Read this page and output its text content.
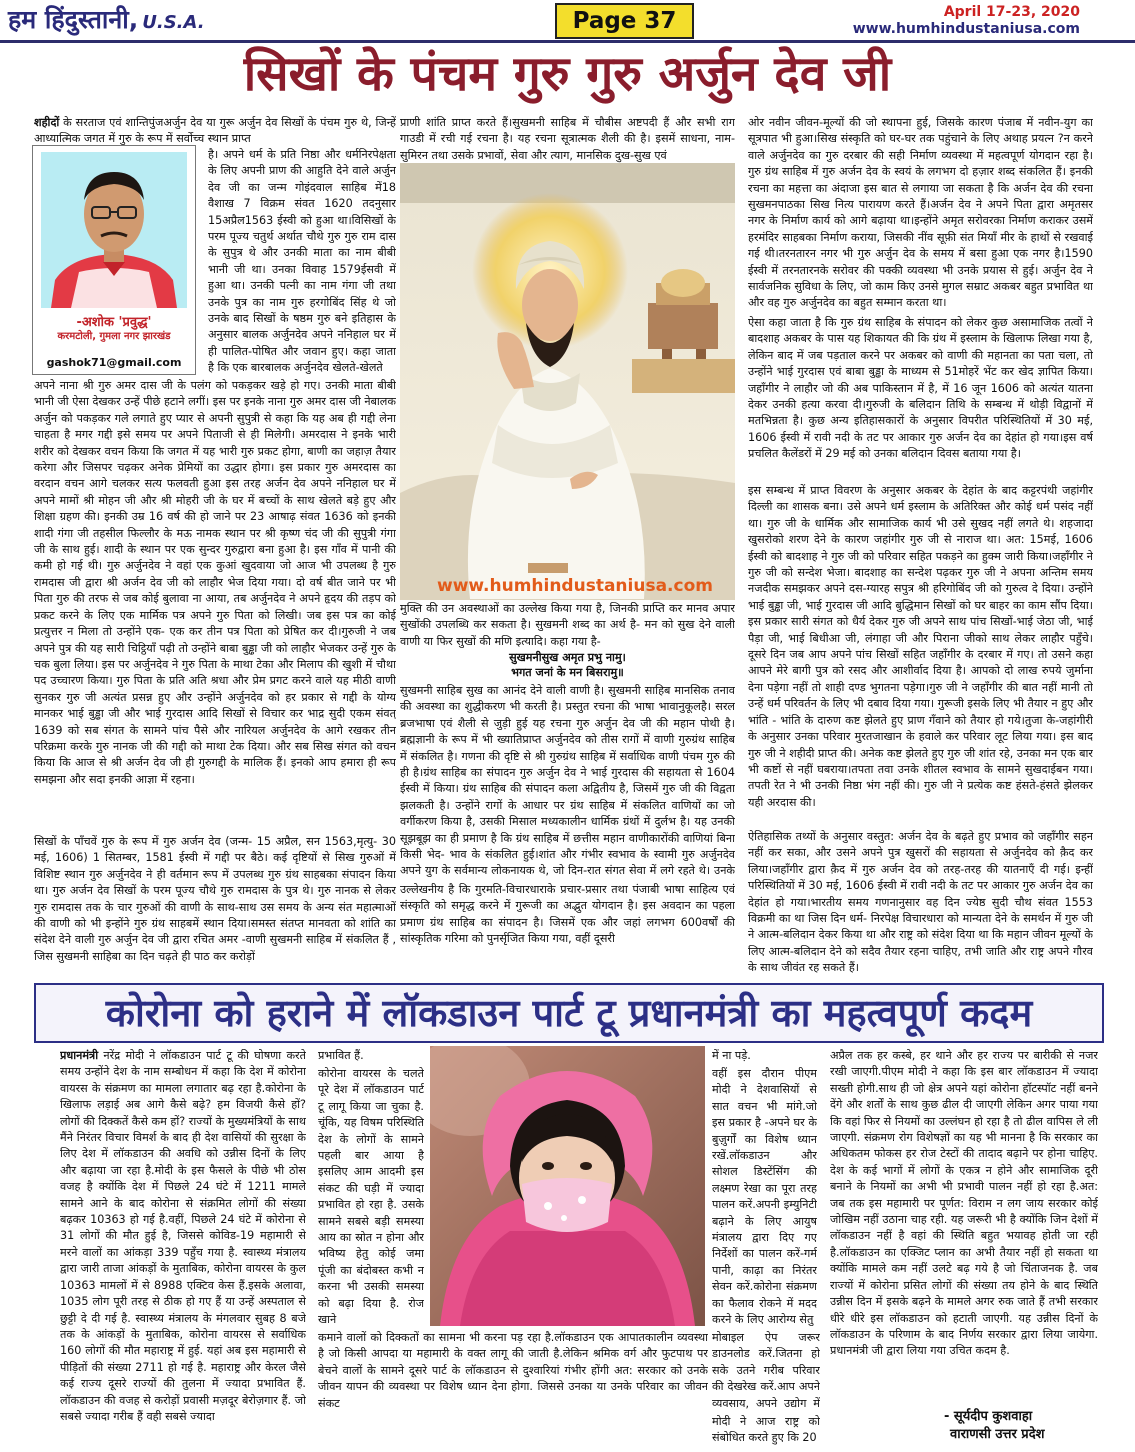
हम हिंदुस्तानी, U.S.A.	Page 37	April 17-23, 2020
www.humhindustaniusa.com
सिखों के पंचम गुरु गुरु अर्जुन देव जी
शहीदों के सरताज एवं शान्तिपुंजअर्जुन देव या गुरू अर्जुन देव सिखों के पंचम गुरु थे, जिन्हें आध्यात्मिक जगत में गुरु के रूप में सर्वोच्च स्थान प्राप्त
-अशोक 'प्रवुद्ध'
करमटोली, गुमला नगर झारखंड
gashok71@gmail.com
है। अपने धर्म के प्रति निष्ठा और धर्मनिरपेक्षता के लिए अपनी प्राण की आहुति देने वाले अर्जुन देव जी का जन्म गोइंदवाल साहिब में18 वैशाख 7 विक्रम संवत 1620 तदनुसार 15अप्रैल1563 ईस्वी को हुआ था।विसिखों के परम पूज्य चतुर्थ अर्थात चौथे गुरु गुरु राम दास के सुपुत्र थे और उनकी माता का नाम बीबी भानी जी था। उनका विवाह 1579ईसवी में हुआ था। उनकी पत्नी का नाम गंगा जी तथा उनके पुत्र का नाम गुरु हरगोबिंद सिंह थे जो उनके बाद सिखों के षष्ठम गुरु बने इतिहास के अनुसार बालक अर्जुनदेव अपने ननिहाल घर में ही पालित-पोषित और जवान हुए। कहा जाता है कि एक बारबालक अर्जुनदेव खेलते-खेलते
अपने नाना श्री गुरु अमर दास जी के पलंग को पकड़कर खड़े हो गए। उनकी माता बीबी भानी जी ऐसा देखकर उन्हें पीछे हटाने लगीं। इस पर इनके नाना गुरु अमर दास जी नेबालक अर्जुन को पकड़कर गले लगाते हुए प्यार से अपनी सुपुत्री से कहा कि यह अब ही गद्दी लेना चाहता है मगर गद्दी इसे समय पर अपने पिताजी से ही मिलेगी। अमरदास ने इनके भारी शरीर को देखकर वचन किया कि जगत में यह भारी गुरु प्रकट होगा, बाणी का जहाज़ तैयार करेगा और जिसपर चढ़कर अनेक प्रेमियों का उद्धार होगा। इस प्रकार गुरु अमरदास का वरदान वचन आगे चलकर सत्य फलवती हुआ इस तरह अर्जन देव अपने ननिहाल घर में अपने मामों श्री मोहन जी और श्री मोहरी जी के घर में बच्चों के साथ खेलते बड़े हुए और शिक्षा ग्रहण की। इनकी उम्र 16 वर्ष की हो जाने पर 23 आषाढ़ संवत 1636 को इनकी शादी गंगा जी तहसील फिल्लौर के मऊ नामक स्थान पर श्री कृष्ण चंद जी की सुपुत्री गंगा जी के साथ हुई। शादी के स्थान पर एक सुन्दर गुरुद्वारा बना हुआ है। इस गाँव में पानी की कमी हो गई थी। गुरु अर्जुनदेव ने वहां एक कुआं खुदवाया जो आज भी उपलब्ध है गुरु रामदास जी द्वारा श्री अर्जन देव जी को लाहौर भेज दिया गया। दो वर्ष बीत जाने पर भी पिता गुरु की तरफ से जब कोई बुलावा ना आया, तब अर्जुनदेव ने अपने हृदय की तड़प को प्रकट करने के लिए एक मार्मिक पत्र अपने गुरु पिता को लिखी। जब इस पत्र का कोई प्रत्युत्तर न मिला तो उन्होंने एक- एक कर तीन पत्र पिता को प्रेषित कर दी।गुरुजी ने जब अपने पुत्र की यह सारी चिट्ठियाँ पढ़ी तो उन्होंने बाबा बुड्ढा जी को लाहौर भेजकर उन्हें गुरु के चक बुला लिया। इस पर अर्जुनदेव ने गुरु पिता के माथा टेका और मिलाप की खुशी में चौथा पद उच्चारण किया। गुरु पिता के प्रति अति श्रधा और प्रेम प्रगट करने वाले यह मीठी वाणी सुनकर गुरु जी अत्यंत प्रसन्न हुए और उन्होंने अर्जुनदेव को हर प्रकार से गद्दी के योग्य मानकर भाई बुड्ढा जी और भाई गुरदास आदि सिखों से विचार कर भाद्र सुदी एकम संवत् 1639 को सब संगत के सामने पांच पैसे और नारियल अर्जुनदेव के आगे रखकर तीन परिक्रमा करके गुरु नानक जी की गद्दी को माथा टेक दिया। और सब सिख संगत को वचन किया कि आज से श्री अर्जन देव जी ही गुरुगद्दी के मालिक हैं। इनको आप हमारा ही रूप समझना और सदा इनकी आज्ञा में रहना।
सिखों के पाँचवें गुरु के रूप में गुरु अर्जन देव (जन्म- 15 अप्रैल, सन 1563,मृत्यु- 30 मई, 1606) 1 सितम्बर, 1581 ईस्वी में गद्दी पर बैठे। कई दृष्टियों से सिख गुरुओं में विशिष्ट स्थान गुरु अर्जुनदेव ने ही वर्तमान रूप में उपलब्ध गुरु ग्रंथ साहबका संपादन किया था। गुरु अर्जन देव सिखों के परम पूज्य चौथे गुरु रामदास के पुत्र थे। गुरु नानक से लेकर गुरु रामदास तक के चार गुरुओं की वाणी के साथ-साथ उस समय के अन्य संत महात्माओं की वाणी को भी इन्होंने गुरु ग्रंथ साहबमें स्थान दिया।समस्त संतप्त मानवता को शांति का संदेश देने वाली गुरु अर्जुन देव जी द्वारा रचित अमर -वाणी सुखमनी साहिब में संकलित हैं , जिस सुखमनी साहिबा का दिन चढ़ते ही पाठ कर करोड़ों
प्राणी शांति प्राप्त करते हैं।सुखमनी साहिब में चौबीस अष्टपदी हैं और सभी राग गाउडी में रची गई रचना है। यह रचना सूत्रात्मक शैली की है। इसमें साधना, नाम-सुमिरन तथा उसके प्रभावों, सेवा और त्याग, मानसिक दुख-सुख एवं
www.humhindustaniusa.com
मुक्ति की उन अवस्थाओं का उल्लेख किया गया है, जिनकी प्राप्ति कर मानव अपार सुखोंकी उपलब्धि कर सकता है। सुखमनी शब्द का अर्थ है- मन को सुख देने वाली वाणी या फिर सुखों की मणि इत्यादि। कहा गया है-
सुखमनीसुख अमृत प्रभु नामु।
भगत जनां के मन बिसरामु॥
सुखमनी साहिब सुख का आनंद देने वाली वाणी है। सुखमनी साहिब मानसिक तनाव की अवस्था का शुद्धीकरण भी करती है। प्रस्तुत रचना की भाषा भावानुकूलहै। सरल ब्रजभाषा एवं शैली से जुड़ी हुई यह रचना गुरु अर्जुन देव जी की महान पोथी है।ब्रह्मज्ञानी के रूप में भी ख्यातिप्राप्त अर्जुनदेव को तीस रागों में वाणी गुरुग्रंथ साहिब में संकलित है। गणना की दृष्टि से श्री गुरुग्रंथ साहिब में सर्वाधिक वाणी पंचम गुरु की ही है।ग्रंथ साहिब का संपादन गुरु अर्जुन देव ने भाई गुरदास की सहायता से 1604 ईस्वी में किया। ग्रंथ साहिब की संपादन कला अद्वितीय है, जिसमें गुरु जी की विद्वता झलकती है। उन्होंने रागों के आधार पर ग्रंथ साहिब में संकलित वाणियों का जो वर्गीकरण किया है, उसकी मिसाल मध्यकालीन धार्मिक ग्रंथों में दुर्लभ है। यह उनकी सूझबूझ का ही प्रमाण है कि ग्रंथ साहिब में छत्तीस महान वाणीकारोंकी वाणियां बिना किसी भेद- भाव के संकलित हुई।शांत और गंभीर स्वभाव के स्वामी गुरु अर्जुनदेव अपने युग के सर्वमान्य लोकनायक थे, जो दिन-रात संगत सेवा में लगे रहते थे। उनके
उल्लेखनीय है कि गुरमति-विचारधाराके प्रचार-प्रसार तथा पंजाबी भाषा साहित्य एवं संस्कृति को समृद्ध करने में गुरूजी का अद्भुत योगदान है। इस अवदान का पहला प्रमाण ग्रंथ साहिब का संपादन है। जिसमें एक और जहां लगभग 600वर्षों की सांस्कृतिक गरिमा को पुनर्सृजित किया गया, वहीं दूसरी
ओर नवीन जीवन-मूल्यों की जो स्थापना हुई, जिसके कारण पंजाब में नवीन-युग का सूत्रपात भी हुआ।सिख संस्कृति को घर-घर तक पहुंचाने के लिए अथाह प्रयत्न ?न करने वाले अर्जुनदेव का गुरु दरबार की सही निर्माण व्यवस्था में महत्वपूर्ण योगदान रहा है। गुरु ग्रंथ साहिब में गुरु अर्जन देव के स्वयं के लगभग दो हज़ार शब्द संकलित हैं। इनकी रचना का महत्ता का अंदाजा इस बात से लगाया जा सकता है कि अर्जन देव की रचना सुखमनपाठका सिख नित्य पारायण करते हैं।अर्जन देव ने अपने पिता द्वारा अमृतसर नगर के निर्माण कार्य को आगे बढ़ाया था।इन्होंने अमृत सरोवरका निर्माण कराकर उसमें हरमंदिर साहबका निर्माण कराया, जिसकी नींव सूफ़ी संत मियाँ मीर के हाथों से रखवाई गई थी।तरनतारन नगर भी गुरु अर्जुन देव के समय में बसा हुआ एक नगर है।1590 ईस्वी में तरनतारनके सरोवर की पक्की व्यवस्था भी उनके प्रयास से हुई। अर्जुन देव ने सार्वजनिक सुविधा के लिए, जो काम किए उनसे मुगल सम्राट अकबर बहुत प्रभावित था और वह गुरु अर्जुनदेव का बहुत सम्मान करता था।
ऐसा कहा जाता है कि गुरु ग्रंथ साहिब के संपादन को लेकर कुछ असामाजिक तत्वों ने बादशाह अकबर के पास यह शिकायत की कि ग्रंथ में इस्लाम के खिलाफ लिखा गया है, लेकिन बाद में जब पड़ताल करने पर अकबर को वाणी की महानता का पता चला, तो उन्होंने भाई गुरदास एवं बाबा बुड्ढा के माध्यम से 51मोहरें भेंट कर खेद ज्ञापित किया। जहाँगीर ने लाहौर जो की अब पाकिस्तान में है, में 16 जून 1606 को अत्यंत यातना देकर उनकी हत्या करवा दी।गुरुजी के बलिदान तिथि के सम्बन्ध में थोड़ी विद्वानों में मतभिन्नता है। कुछ अन्य इतिहासकारों के अनुसार विपरीत परिस्थितियों में 30 मई, 1606 ईस्वी में रावी नदी के तट पर आकार गुरु अर्जन देव का देहांत हो गया।इस वर्ष प्रचलित कैलेंडरों में 29 मई को उनका बलिदान दिवस बताया गया है।
इस सम्बन्ध में प्राप्त विवरण के अनुसार अकबर के देहांत के बाद कट्टरपंथी जहांगीर दिल्ली का शासक बना। उसे अपने धर्म इस्लाम के अतिरिक्त और कोई धर्म पसंद नहीं था। गुरु जी के धार्मिक और सामाजिक कार्य भी उसे सुखद नहीं लगते थे। शहजादा खुसरोको शरण देने के कारण जहांगीर गुरु जी से नाराज था। अत: 15मई, 1606 ईस्वी को बादशाह ने गुरु जी को परिवार सहित पकड़ने का हुक्म जारी किया।जहाँगीर ने गुरु जी को सन्देश भेजा। बादशाह का सन्देश पढ़कर गुरु जी ने अपना अन्तिम समय नजदीक समझकर अपने दस-ग्यारह सपुत्र श्री हरिगोबिंद जी को गुरुत्व दे दिया। उन्होंने भाई बुड्ढा जी, भाई गुरदास जी आदि बुद्धिमान सिखों को घर बाहर का काम सौंप दिया। इस प्रकार सारी संगत को धैर्य देकर गुरु जी अपने साथ पांच सिखों-भाई जेठा जी, भाई पैड़ा जी, भाई बिधीआ जी, लंगाहा जी और पिराना जीको साथ लेकर लाहौर पहुँचे। दूसरे दिन जब आप अपने पांच सिखों सहित जहाँगीर के दरबार में गए। तो उसने कहा आपने मेरे बागी पुत्र को रसद और आशीर्वाद दिया है। आपको दो लाख रुपये जुर्माना देना पड़ेगा नहीं तो शाही दण्ड भुगतना पड़ेगा।गुरु जी ने जहाँगीर की बात नहीं मानी तो उन्हें धर्म परिवर्तन के लिए भी दबाव दिया गया। गुरूजी इसके लिए भी तैयार न हुए और भांति - भांति के दारुण कष्ट झेलते हुए प्राण गँवाने को तैयार हो गये।तुजा के-जहांगीरी के अनुसार उनका परिवार मुरतजाखान के हवाले कर परिवार लूट लिया गया। इस बाद गुरु जी ने शहीदी प्राप्त की। अनेक कष्ट झेलते हुए गुरु जी शांत रहे, उनका मन एक बार भी कष्टों से नहीं घबराया।तपता तवा उनके शीतल स्वभाव के सामने सुखदाईबन गया। तपती रेत ने भी उनकी निष्ठा भंग नहीं की। गुरु जी ने प्रत्येक कष्ट हंसते-हंसते झेलकर यही अरदास की।
ऐतिहासिक तथ्यों के अनुसार वस्तुत: अर्जन देव के बढ़ते हुए प्रभाव को जहाँगीर सहन नहीं कर सका, और उसने अपने पुत्र खुसरों की सहायता से अर्जुनदेव को क़ैद कर लिया।जहाँगीर द्वारा क़ैद में गुरु अर्जन देव को तरह-तरह की यातनाएँ दी गई। इन्हीं परिस्थितियों में 30 मई, 1606 ईस्वी में रावी नदी के तट पर आकार गुरु अर्जन देव का देहांत हो गया।भारतीय समय गणनानुसार वह दिन ज्येष्ठ सुदी चौथ संवत 1553 विक्रमी का था जिस दिन धर्म- निरपेक्ष विचारधारा को मान्यता देने के समर्थन में गुरु जी ने आत्म-बलिदान देकर किया था और राष्ट्र को संदेश दिया था कि महान जीवन मूल्यों के लिए आत्म-बलिदान देने को सदैव तैयार रहना चाहिए, तभी जाति और राष्ट्र अपने गौरव के साथ जीवंत रह सकते हैं।
कोरोना को हराने में लॉकडाउन पार्ट टू प्रधानमंत्री का महत्वपूर्ण कदम
प्रधानमंत्री नरेंद्र मोदी ने लॉकडाउन पार्ट टू की घोषणा करते समय उन्होंने देश के नाम सम्बोधन में कहा कि देश में कोरोना वायरस के संक्रमण का मामला लगातार बढ़ रहा है.कोरोना के खिलाफ लड़ाई अब आगे कैसे बढ़े? हम विजयी कैसे हों? लोगों की दिक्कतें कैसे कम हों? राज्यों के मुख्यमंत्रियों के साथ मैंने निरंतर विचार विमर्श के बाद ही देश वासियों की सुरक्षा के लिए देश में लॉकडाउन की अवधि को उन्नीस दिनों के लिए और बढ़ाया जा रहा है.मोदी के इस फैसले के पीछे भी ठोस वजह है क्योंकि देश में पिछले 24 घंटे में 1211 मामले सामने आने के बाद कोरोना से संक्रमित लोगों की संख्या बढ़कर 10363 हो गई है.वहीं, पिछले 24 घंटे में कोरोना से 31 लोगों की मौत हुई है, जिससे कोविड-19 महामारी से मरने वालों का आंकड़ा 339 पहुँच गया है. स्वास्थ्य मंत्रालय द्वारा जारी ताजा आंकड़ों के मुताबिक, कोरोना वायरस के कुल 10363 मामलों में से 8988 एक्टिव केस हैं.इसके अलावा, 1035 लोग पूरी तरह से ठीक हो गए हैं या उन्हें अस्पताल से छुट्टी दे दी गई है. स्वास्थ्य मंत्रालय के मंगलवार सुबह 8 बजे तक के आंकड़ों के मुताबिक, कोरोना वायरस से सर्वाधिक 160 लोगों की मौत महाराष्ट्र में हुई. यहां अब इस महामारी से पीड़ितों की संख्या 2711 हो गई है. महाराष्ट्र और केरल जैसे कई राज्य दूसरे राज्यों की तुलना में ज्यादा प्रभावित हैं. लॉकडाउन की वजह से करोड़ों प्रवासी मज़दूर बेरोज़गार हैं. जो सबसे ज्यादा गरीब हैं वही सबसे ज्यादा
प्रभावित हैं.
कोरोना वायरस के चलते पूरे देश में लॉकडाउन पार्ट टू लागू किया जा चुका है. चूंकि, यह विषम परिस्थिति देश के लोगों के सामने पहली बार आया है इसलिए आम आदमी इस संकट की घड़ी में ज्यादा प्रभावित हो रहा है. उसके सामने सबसे बड़ी समस्या आय का स्रोत न होना और भविष्य हेतु कोई जमा पूंजी का बंदोबस्त कभी न करना भी उसकी समस्या को बढ़ा दिया है. रोज खाने
कमाने वालों को दिक्कतों का सामना भी करना पड़ रहा है.लॉकडाउन एक आपातकालीन व्यवस्था है जो किसी आपदा या महामारी के वक्त लागू की जाती है.लेकिन श्रमिक वर्ग और फुटपाथ पर बेचने वालों के सामने दूसरे पार्ट के लॉकडाउन से दुश्वारियां गंभीर होंगी अत: सरकार को उनके जीवन यापन की व्यवस्था पर विशेष ध्यान देना होगा. जिससे उनका या उनके परिवार का जीवन संकट
में ना पड़े.
वहीं इस दौरान पीएम मोदी ने देशवासियों से सात वचन भी मांगे.जो इस प्रकार है -अपने घर के बुज़ुर्गों का विशेष ध्यान रखें.लॉकडाउन और सोशल डिस्टेंसिंग की लक्ष्मण रेखा का पूरा तरह पालन करें.अपनी इम्युनिटी बढ़ाने के लिए आयुष मंत्रालय द्वारा दिए गए निर्देशों का पालन करें-गर्म पानी, काढ़ा का निरंतर सेवन करें.कोरोना संक्रमण का फैलाव रोकने में मदद करने के लिए आरोग्य सेतु
मोबाइल ऐप जरूर डाउनलोड करें.जितना हो सके उतने गरीब परिवार की देखरेख करें.आप अपने व्यवसाय, अपने उद्योग में
मोदी ने आज राष्ट्र को संबोधित करते हुए कि 20
अप्रैल तक हर कस्बे, हर थाने और हर राज्य पर बारीकी से नजर रखी जाएगी.पीएम मोदी ने कहा कि इस बार लॉकडाउन में ज्यादा सख्ती होगी.साथ ही जो क्षेत्र अपने यहां कोरोना हॉटस्पॉट नहीं बनने देंगे और शर्तों के साथ कुछ ढील दी जाएगी लेकिन अगर पाया गया कि वहां फिर से नियमों का उल्लंघन हो रहा है तो ढील वापिस ले ली जाएगी. संक्रमण रोग विशेषज्ञों का यह भी मानना है कि सरकार का अधिकतम फोकस हर रोज टेस्टों की तादाद बढ़ाने पर होना चाहिए. देश के कई भागों में लोगों के एकत्र न होने और सामाजिक दूरी बनाने के नियमों का अभी भी प्रभावी पालन नहीं हो रहा है.अत: जब तक इस महामारी पर पूर्णत: विराम न लग जाय सरकार कोई जोखिम नहीं उठाना चाह रही. यह जरूरी भी है क्योंकि जिन देशों में लॉकडाउन नहीं है वहां की स्थिति बहुत भयावह होती जा रही है.लॉकडाउन का एक्जिट प्लान का अभी तैयार नहीं हो सकता था क्योंकि मामले कम नहीं उलटे बढ़ गये है जो चिंताजनक है. जब राज्यों में कोरोना प्रसित लोगों की संख्या तय होने के बाद स्थिति उन्नीस दिन में इसके बढ़ने के मामले अगर रुक जाते हैं तभी सरकार धीरे धीरे इस लॉकडाउन को हटाती जाएगी. यह उन्नीस दिनों के लॉकडाउन के परिणाम के बाद निर्णय सरकार द्वारा लिया जायेगा. प्रधानमंत्री जी द्वारा लिया गया उचित कदम है.
- सूर्यदीप कुशवाहा
वाराणसी उत्तर प्रदेश
